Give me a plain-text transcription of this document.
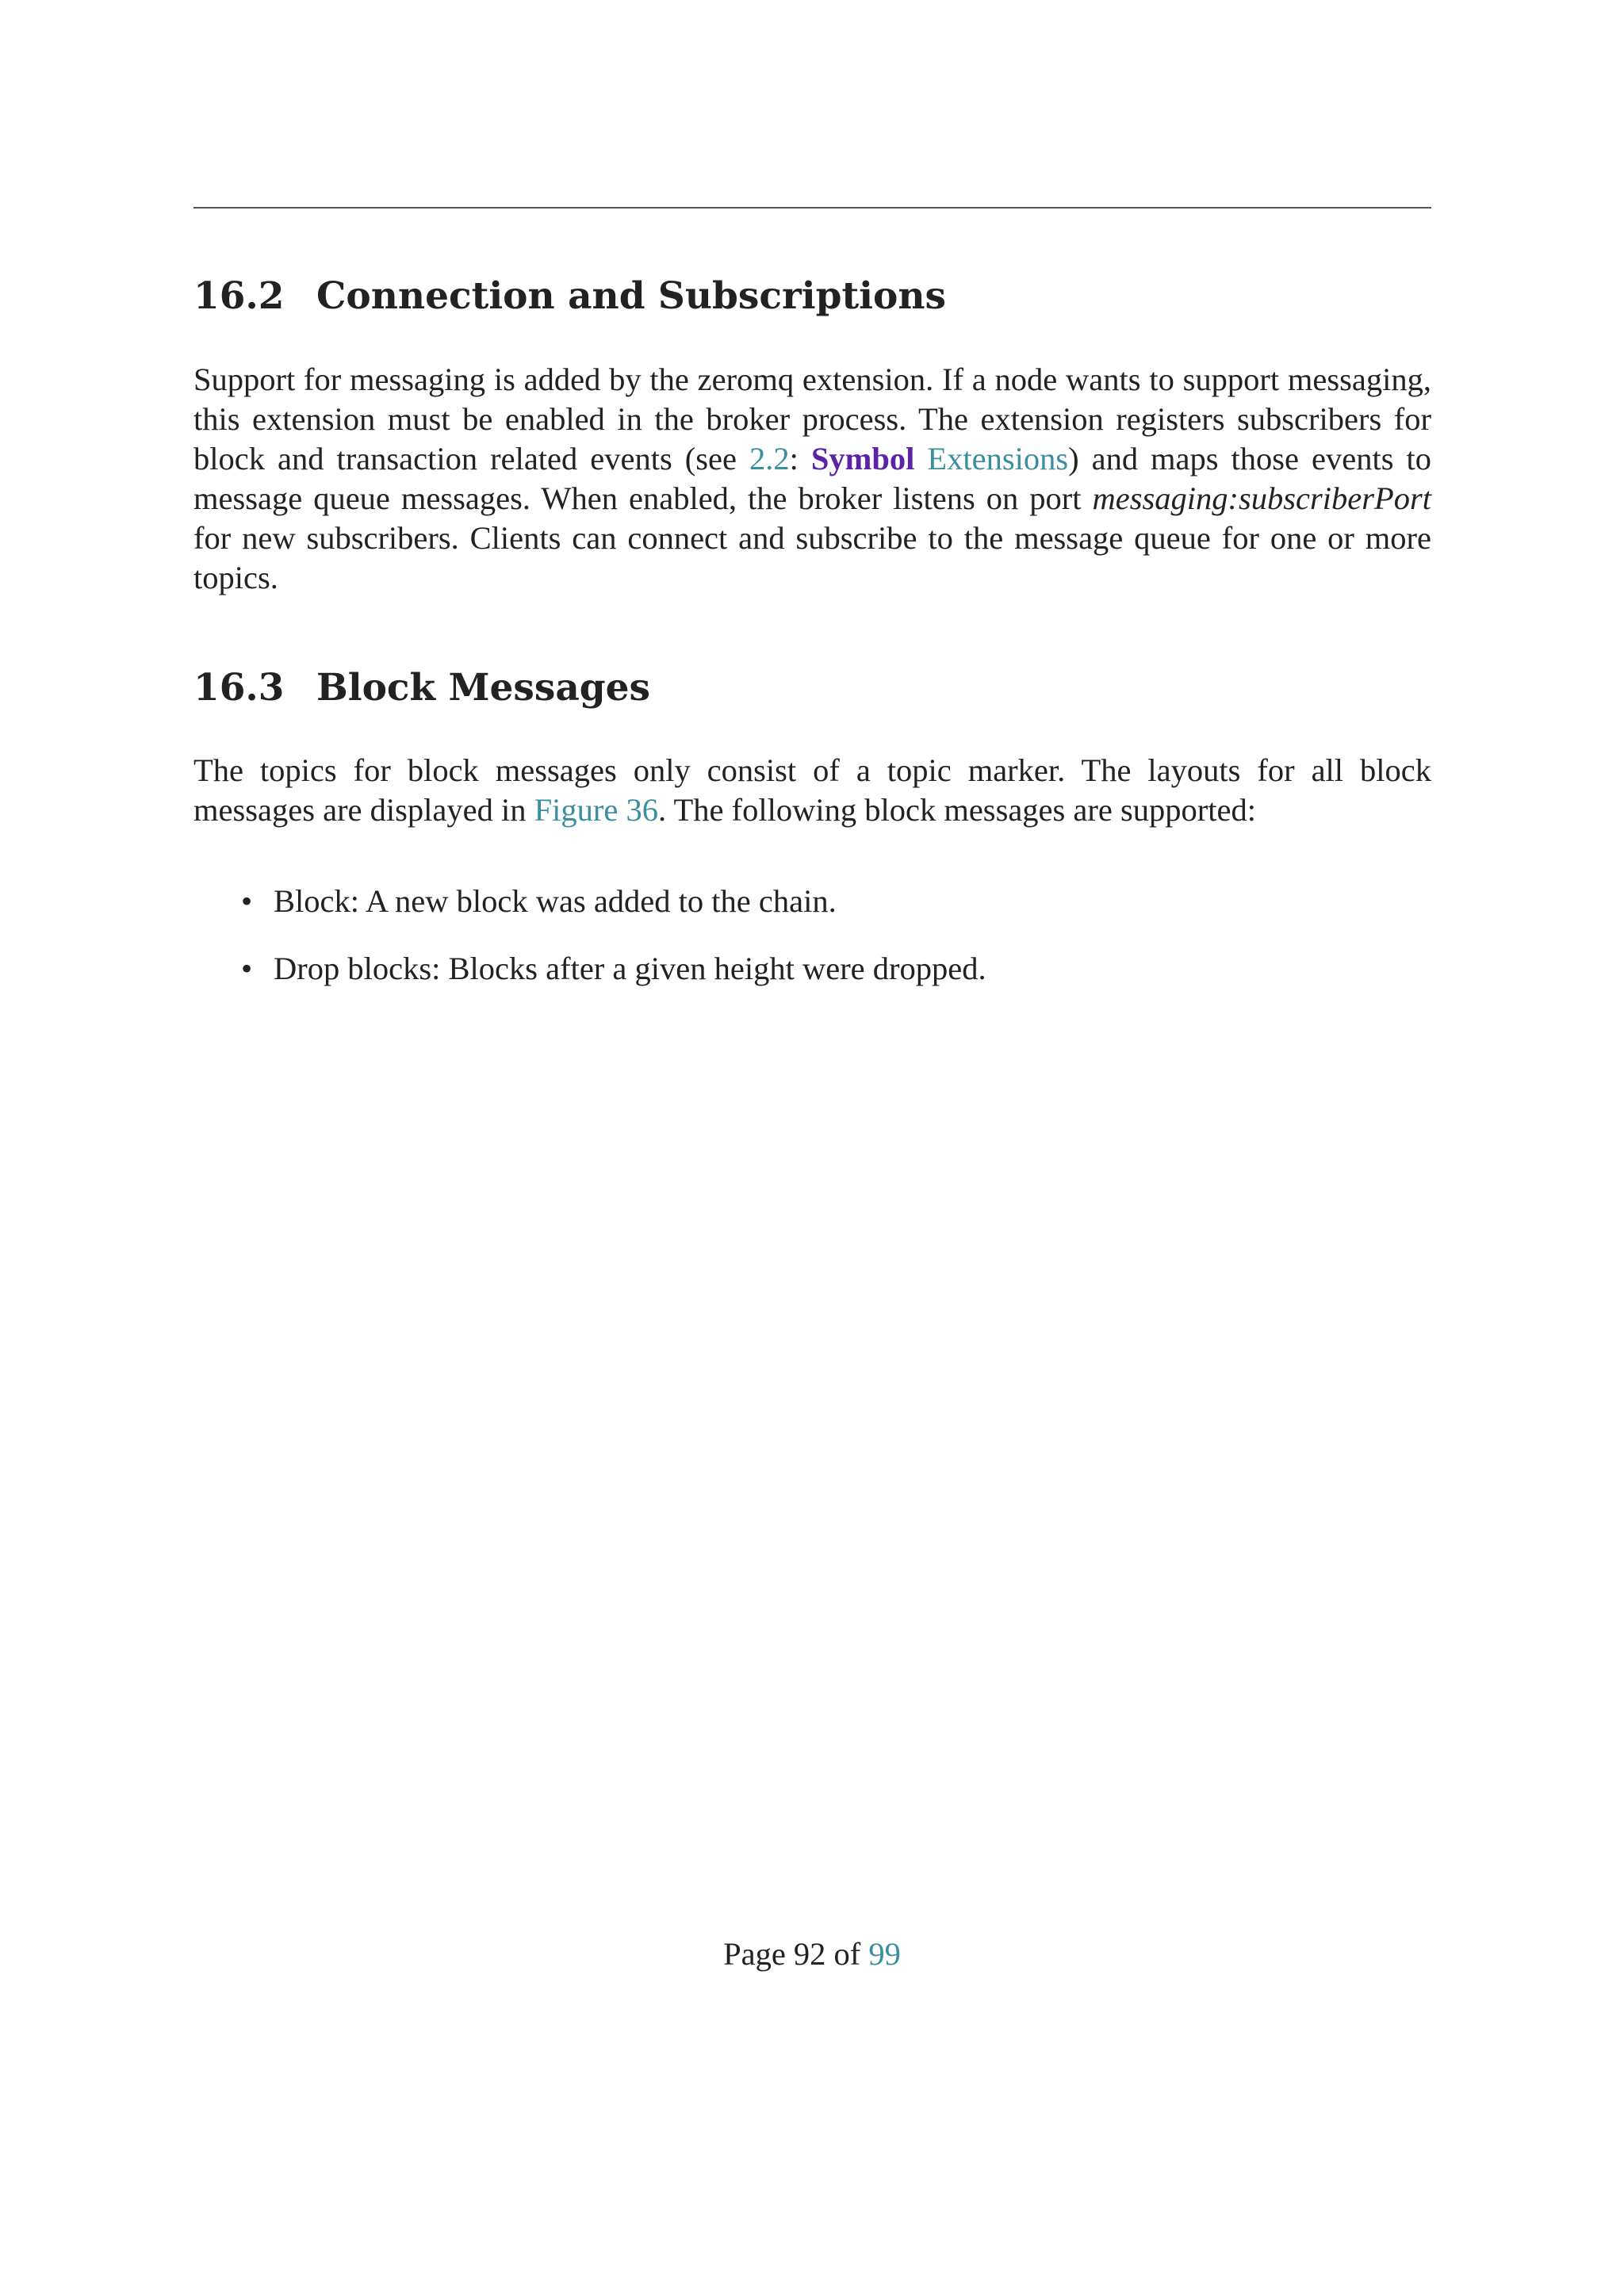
16.2 Connection and Subscriptions

Support for messaging is added by the zeromq extension. If a node wants to support messaging, this extension must be enabled in the broker process. The extension registers subscribers for block and transaction related events (see 2.2: Symbol Extensions) and maps those events to message queue messages. When enabled, the broker listens on port messaging:subscriberPort for new subscribers. Clients can connect and subscribe to the message queue for one or more topics.

16.3 Block Messages

The topics for block messages only consist of a topic marker. The layouts for all block messages are displayed in Figure 36. The following block messages are supported:

• Block: A new block was added to the chain.
• Drop blocks: Blocks after a given height were dropped.
Page 92 of 99
